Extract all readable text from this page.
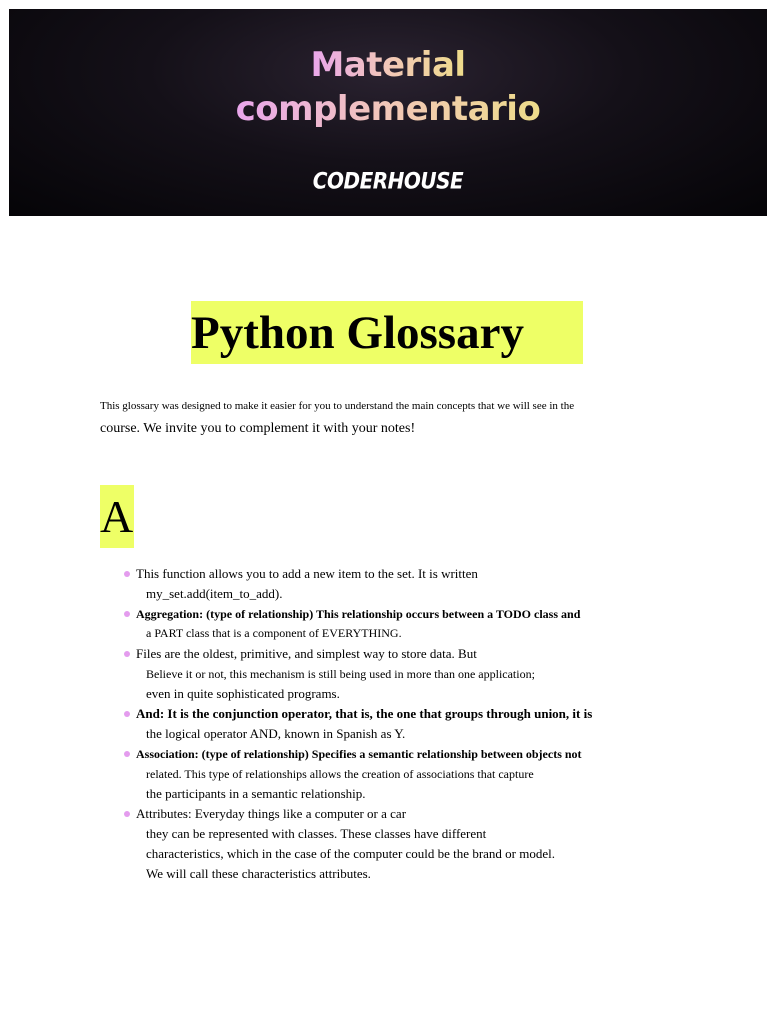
Material
complementario
CODERHOUSE
Python Glossary
This glossary was designed to make it easier for you to understand the main concepts that we will see in the
course. We invite you to complement it with your notes!
A
This function allows you to add a new item to the set. It is written
my_set.add(item_to_add).
Aggregation: (type of relationship) This relationship occurs between a TODO class and
a PART class that is a component of EVERYTHING.
Files are the oldest, primitive, and simplest way to store data. But
Believe it or not, this mechanism is still being used in more than one application;
even in quite sophisticated programs.
And: It is the conjunction operator, that is, the one that groups through union, it is
the logical operator AND, known in Spanish as Y.
Association: (type of relationship) Specifies a semantic relationship between objects not
related. This type of relationships allows the creation of associations that capture
the participants in a semantic relationship.
Attributes: Everyday things like a computer or a car
they can be represented with classes. These classes have different
characteristics, which in the case of the computer could be the brand or model.
We will call these characteristics attributes.
